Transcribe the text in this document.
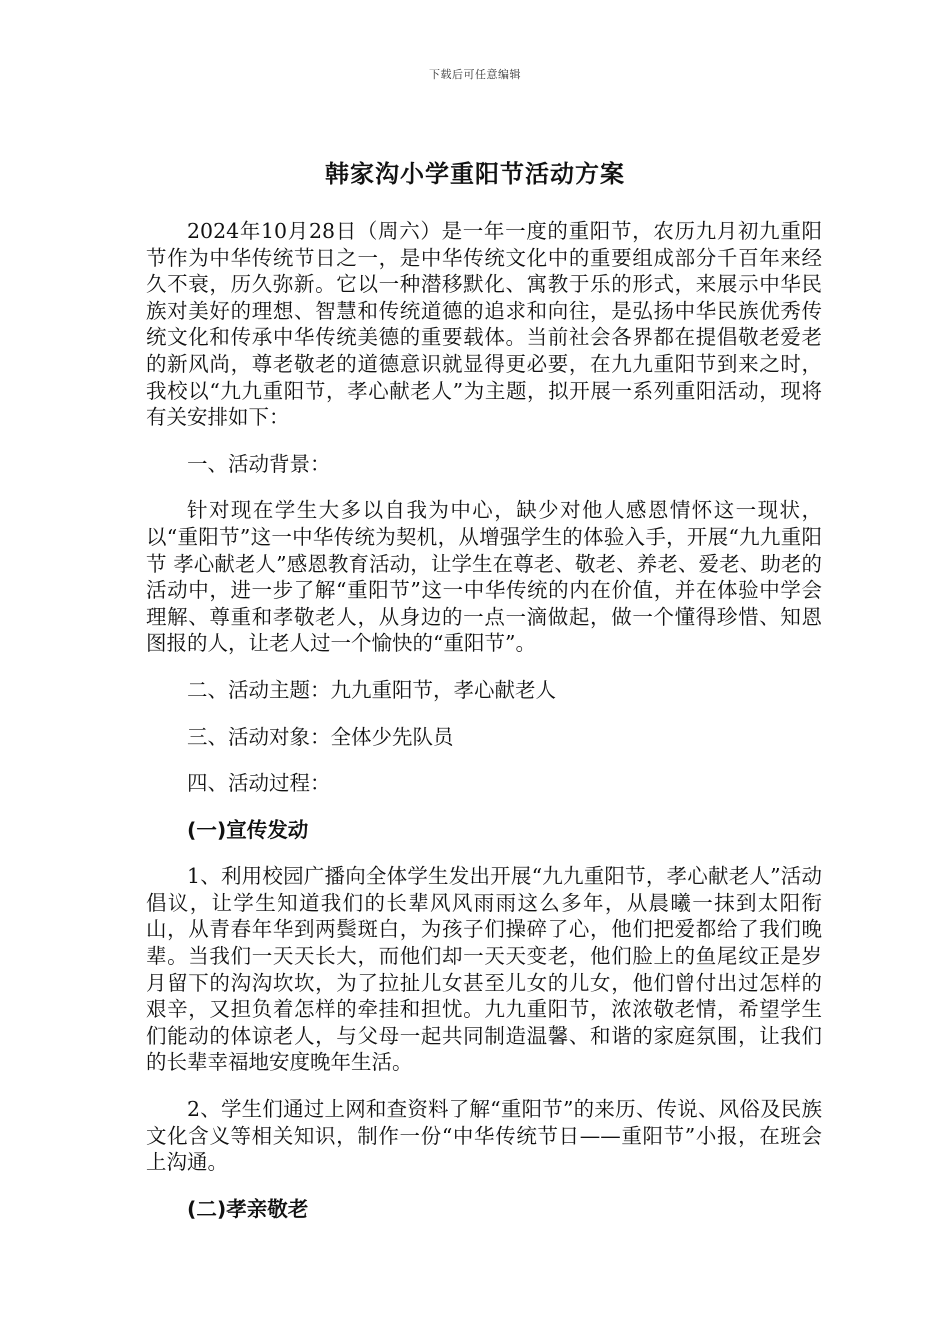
下载后可任意编辑
韩家沟小学重阳节活动方案

2024年10月28日（周六）是一年一度的重阳节，农历九月初九重阳节作为中华传统节日之一，是中华传统文化中的重要组成部分千百年来经久不衰，历久弥新。它以一种潜移默化、寓教于乐的形式，来展示中华民族对美好的理想、智慧和传统道德的追求和向往，是弘扬中华民族优秀传统文化和传承中华传统美德的重要载体。当前社会各界都在提倡敬老爱老的新风尚，尊老敬老的道德意识就显得更必要，在九九重阳节到来之时，我校以“九九重阳节，孝心献老人”为主题，拟开展一系列重阳活动，现将有关安排如下：

一、活动背景：

针对现在学生大多以自我为中心，缺少对他人感恩情怀这一现状，以“重阳节”这一中华传统为契机，从增强学生的体验入手，开展“九九重阳节 孝心献老人”感恩教育活动，让学生在尊老、敬老、养老、爱老、助老的活动中，进一步了解“重阳节”这一中华传统的内在价值，并在体验中学会理解、尊重和孝敬老人，从身边的一点一滴做起，做一个懂得珍惜、知恩图报的人，让老人过一个愉快的“重阳节”。

二、活动主题：九九重阳节，孝心献老人

三、活动对象：全体少先队员

四、活动过程：

(一)宣传发动

1、利用校园广播向全体学生发出开展“九九重阳节，孝心献老人”活动倡议，让学生知道我们的长辈风风雨雨这么多年，从晨曦一抹到太阳衔山，从青春年华到两鬓斑白，为孩子们操碎了心，他们把爱都给了我们晚辈。当我们一天天长大，而他们却一天天变老，他们脸上的鱼尾纹正是岁月留下的沟沟坎坎，为了拉扯儿女甚至儿女的儿女，他们曾付出过怎样的艰辛，又担负着怎样的牵挂和担忧。九九重阳节，浓浓敬老情，希望学生们能动的体谅老人，与父母一起共同制造温馨、和谐的家庭氛围，让我们的长辈幸福地安度晚年生活。

2、学生们通过上网和查资料了解“重阳节”的来历、传说、风俗及民族文化含义等相关知识，制作一份“中华传统节日——重阳节”小报，在班会上沟通。

(二)孝亲敬老
